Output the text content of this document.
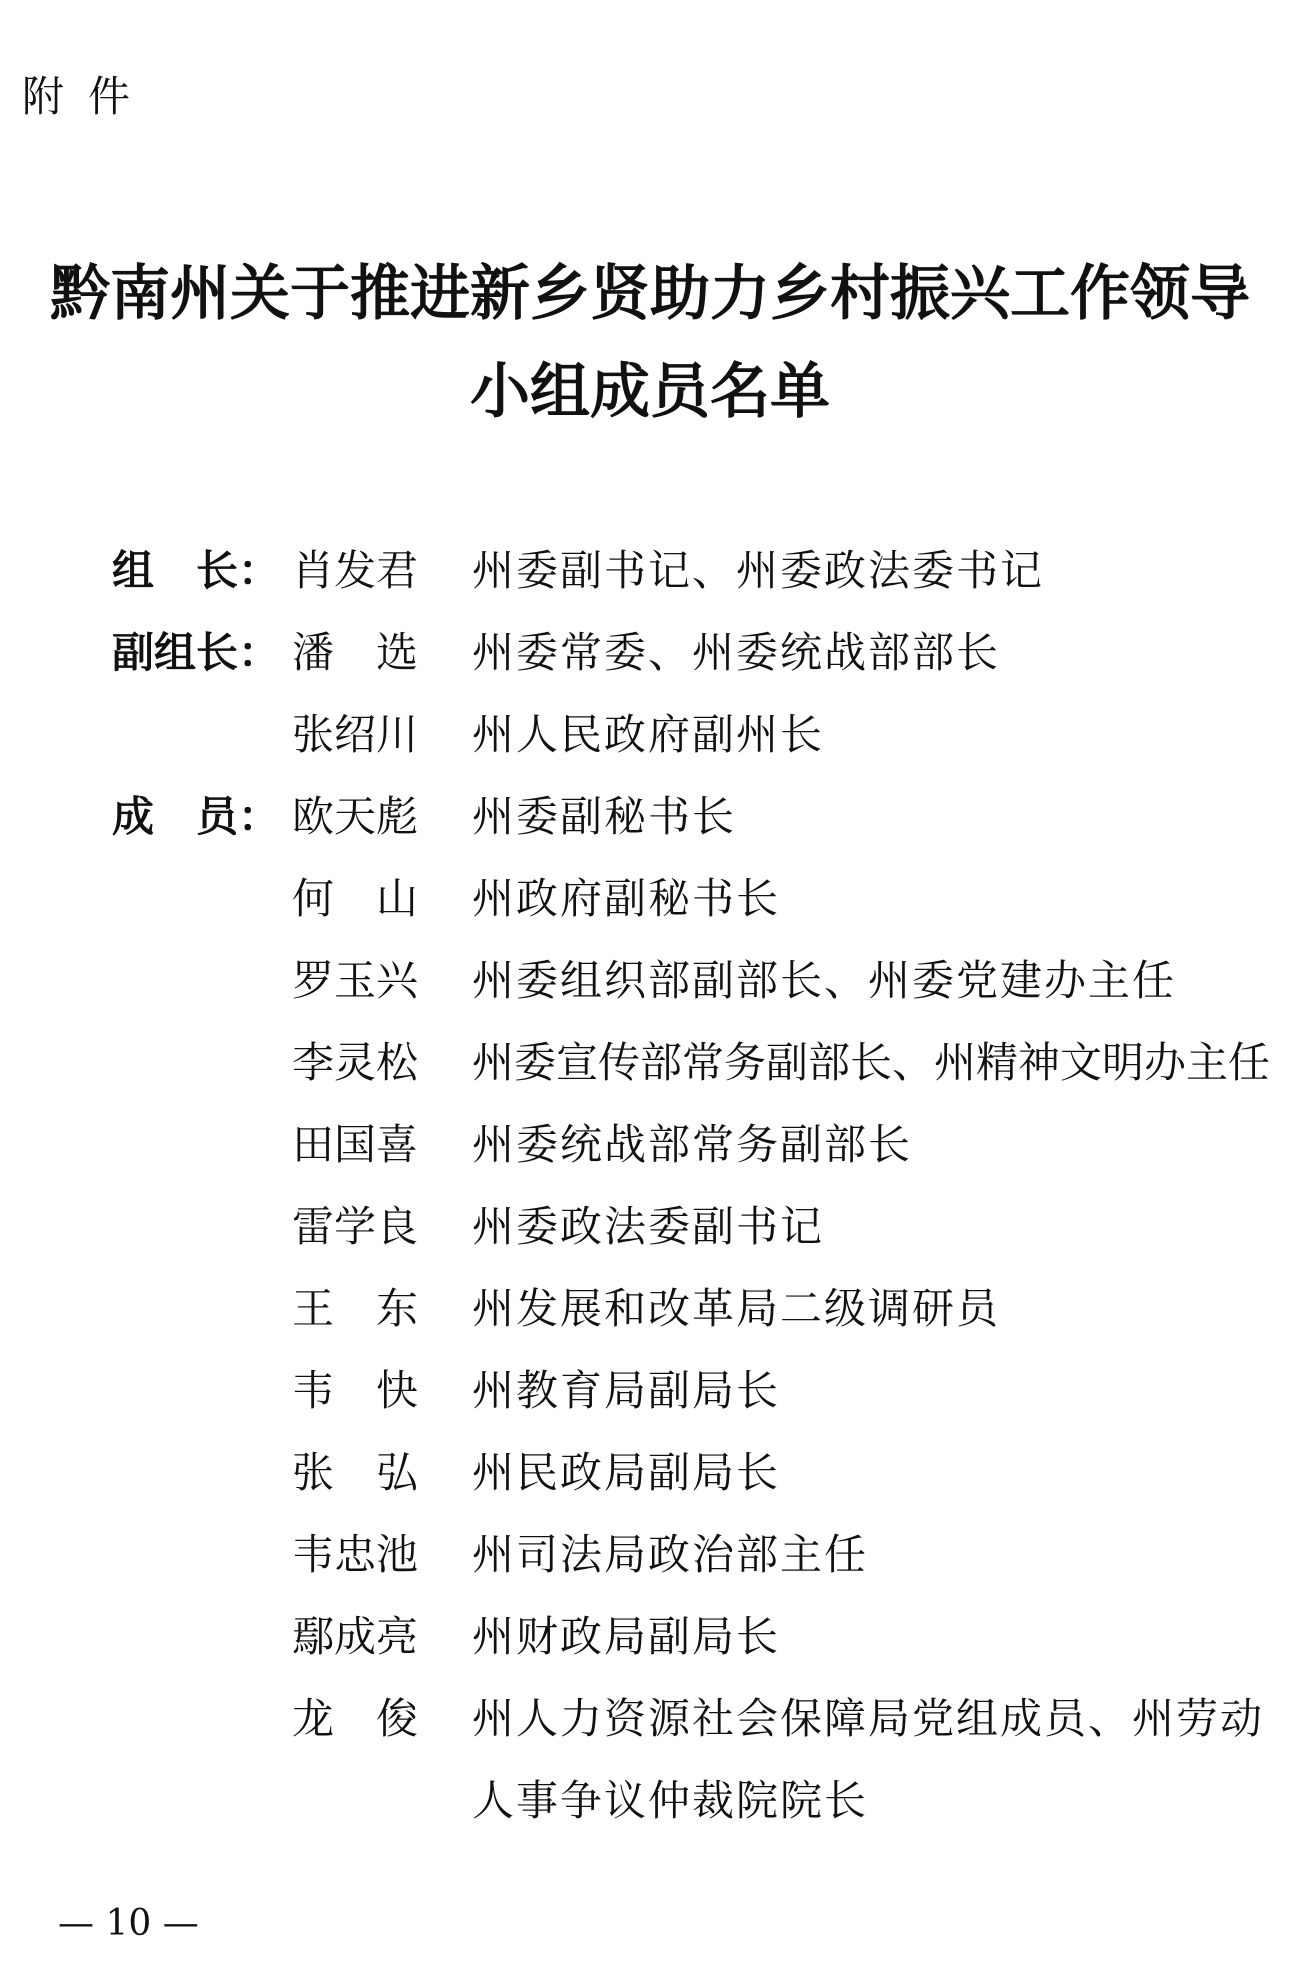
附件
黔南州关于推进新乡贤助力乡村振兴工作领导
小组成员名单
组　长： 肖发君 州委副书记、州委政法委书记
副组长： 潘　选 州委常委、州委统战部部长
张绍川 州人民政府副州长
成　员： 欧天彪 州委副秘书长
何　山 州政府副秘书长
罗玉兴 州委组织部副部长、州委党建办主任
李灵松 州委宣传部常务副部长、州精神文明办主任
田国喜 州委统战部常务副部长
雷学良 州委政法委副书记
王　东 州发展和改革局二级调研员
韦　快 州教育局副局长
张　弘 州民政局副局长
韦忠池 州司法局政治部主任
鄢成亮 州财政局副局长
龙　俊 州人力资源社会保障局党组成员、州劳动人事争议仲裁院院长
— 10 —
